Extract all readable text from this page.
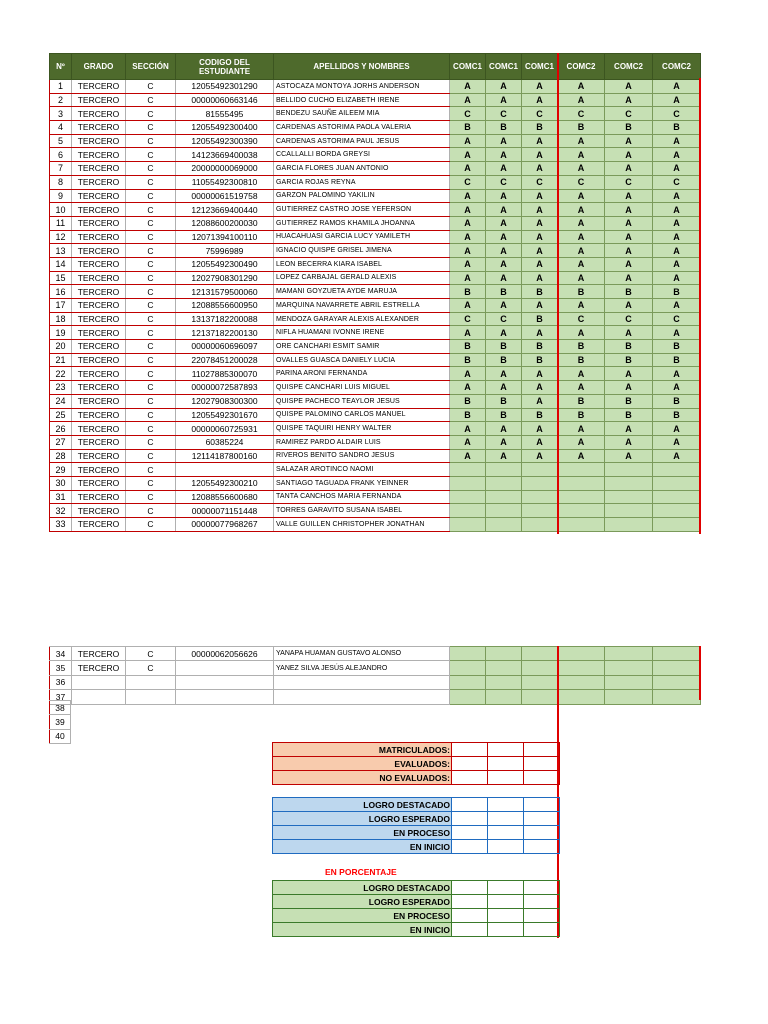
Nº	GRADO	SECCIÓN	CODIGO DEL ESTUDIANTE	APELLIDOS Y NOMBRES	COMC1	COMC1	COMC1	COMC2	COMC2	COMC2
1	TERCERO	C	12055492301290	ASTOCAZA MONTOYA JORHS ANDERSON	A	A	A	A	A	A
2	TERCERO	C	00000060663146	BELLIDO CUCHO ELIZABETH IRENE	A	A	A	A	A	A
3	TERCERO	C	81555495	BENDEZU SAUÑE AILEEM MIA	C	C	C	C	C	C
4	TERCERO	C	12055492300400	CARDENAS ASTORIMA PAOLA VALERIA	B	B	B	B	B	B
5	TERCERO	C	12055492300390	CARDENAS ASTORIMA PAUL JESUS	A	A	A	A	A	A
6	TERCERO	C	14123669400038	CCALLALLI BORDA GREYSI	A	A	A	A	A	A
7	TERCERO	C	20000000069000	GARCIA FLORES JUAN ANTONIO	A	A	A	A	A	A
8	TERCERO	C	11055492300810	GARCIA ROJAS REYNA	C	C	C	C	C	C
9	TERCERO	C	00000061519758	GARZON PALOMINO YAKILIN	A	A	A	A	A	A
10	TERCERO	C	12123669400440	GUTIERREZ CASTRO JOSE YEFERSON	A	A	A	A	A	A
11	TERCERO	C	12088600200030	GUTIERREZ RAMOS KHAMILA JHOANNA	A	A	A	A	A	A
12	TERCERO	C	12071394100110	HUACAHUASI GARCIA LUCY YAMILETH	A	A	A	A	A	A
13	TERCERO	C	75996989	IGNACIO QUISPE GRISEL JIMENA	A	A	A	A	A	A
14	TERCERO	C	12055492300490	LEON BECERRA KIARA ISABEL	A	A	A	A	A	A
15	TERCERO	C	12027908301290	LOPEZ CARBAJAL GERALD ALEXIS	A	A	A	A	A	A
16	TERCERO	C	12131579500060	MAMANI GOYZUETA AYDE MARUJA	B	B	B	B	B	B
17	TERCERO	C	12088556600950	MARQUINA NAVARRETE ABRIL ESTRELLA	A	A	A	A	A	A
18	TERCERO	C	13137182200088	MENDOZA GARAYAR ALEXIS ALEXANDER	C	C	B	C	C	C
19	TERCERO	C	12137182200130	NIFLA HUAMANI IVONNE IRENE	A	A	A	A	A	A
20	TERCERO	C	00000060696097	ORE CANCHARI ESMIT SAMIR	B	B	B	B	B	B
21	TERCERO	C	22078451200028	OVALLES GUASCA DANIELY LUCIA	B	B	B	B	B	B
22	TERCERO	C	11027885300070	PARINA ARONI FERNANDA	A	A	A	A	A	A
23	TERCERO	C	00000072587893	QUISPE CANCHARI LUIS MIGUEL	A	A	A	A	A	A
24	TERCERO	C	12027908300300	QUISPE PACHECO TEAYLOR JESUS	B	B	A	B	B	B
25	TERCERO	C	12055492301670	QUISPE PALOMINO CARLOS MANUEL	B	B	B	B	B	B
26	TERCERO	C	00000060725931	QUISPE TAQUIRI HENRY WALTER	A	A	A	A	A	A
27	TERCERO	C	60385224	RAMIREZ PARDO ALDAIR LUIS	A	A	A	A	A	A
28	TERCERO	C	12114187800160	RIVEROS BENITO SANDRO JESUS	A	A	A	A	A	A
29	TERCERO	C		SALAZAR AROTINCO NAOMI						
30	TERCERO	C	12055492300210	SANTIAGO TAGUADA FRANK YEINNER						
31	TERCERO	C	12088556600680	TANTA CANCHOS MARIA FERNANDA						
32	TERCERO	C	00000071151448	TORRES GARAVITO SUSANA ISABEL						
33	TERCERO	C	00000077968267	VALLE GUILLEN CHRISTOPHER JONATHAN						
34	TERCERO	C	00000062056626	YANAPA HUAMAN GUSTAVO ALONSO						
35	TERCERO	C		YANEZ SILVA JESÚS ALEJANDRO						
36										
37										
38
39
40
MATRICULADOS:			
EVALUADOS:			
NO EVALUADOS:			
LOGRO DESTACADO			
LOGRO ESPERADO			
EN PROCESO			
EN INICIO			
EN PORCENTAJE
LOGRO DESTACADO			
LOGRO ESPERADO			
EN PROCESO			
EN INICIO			
